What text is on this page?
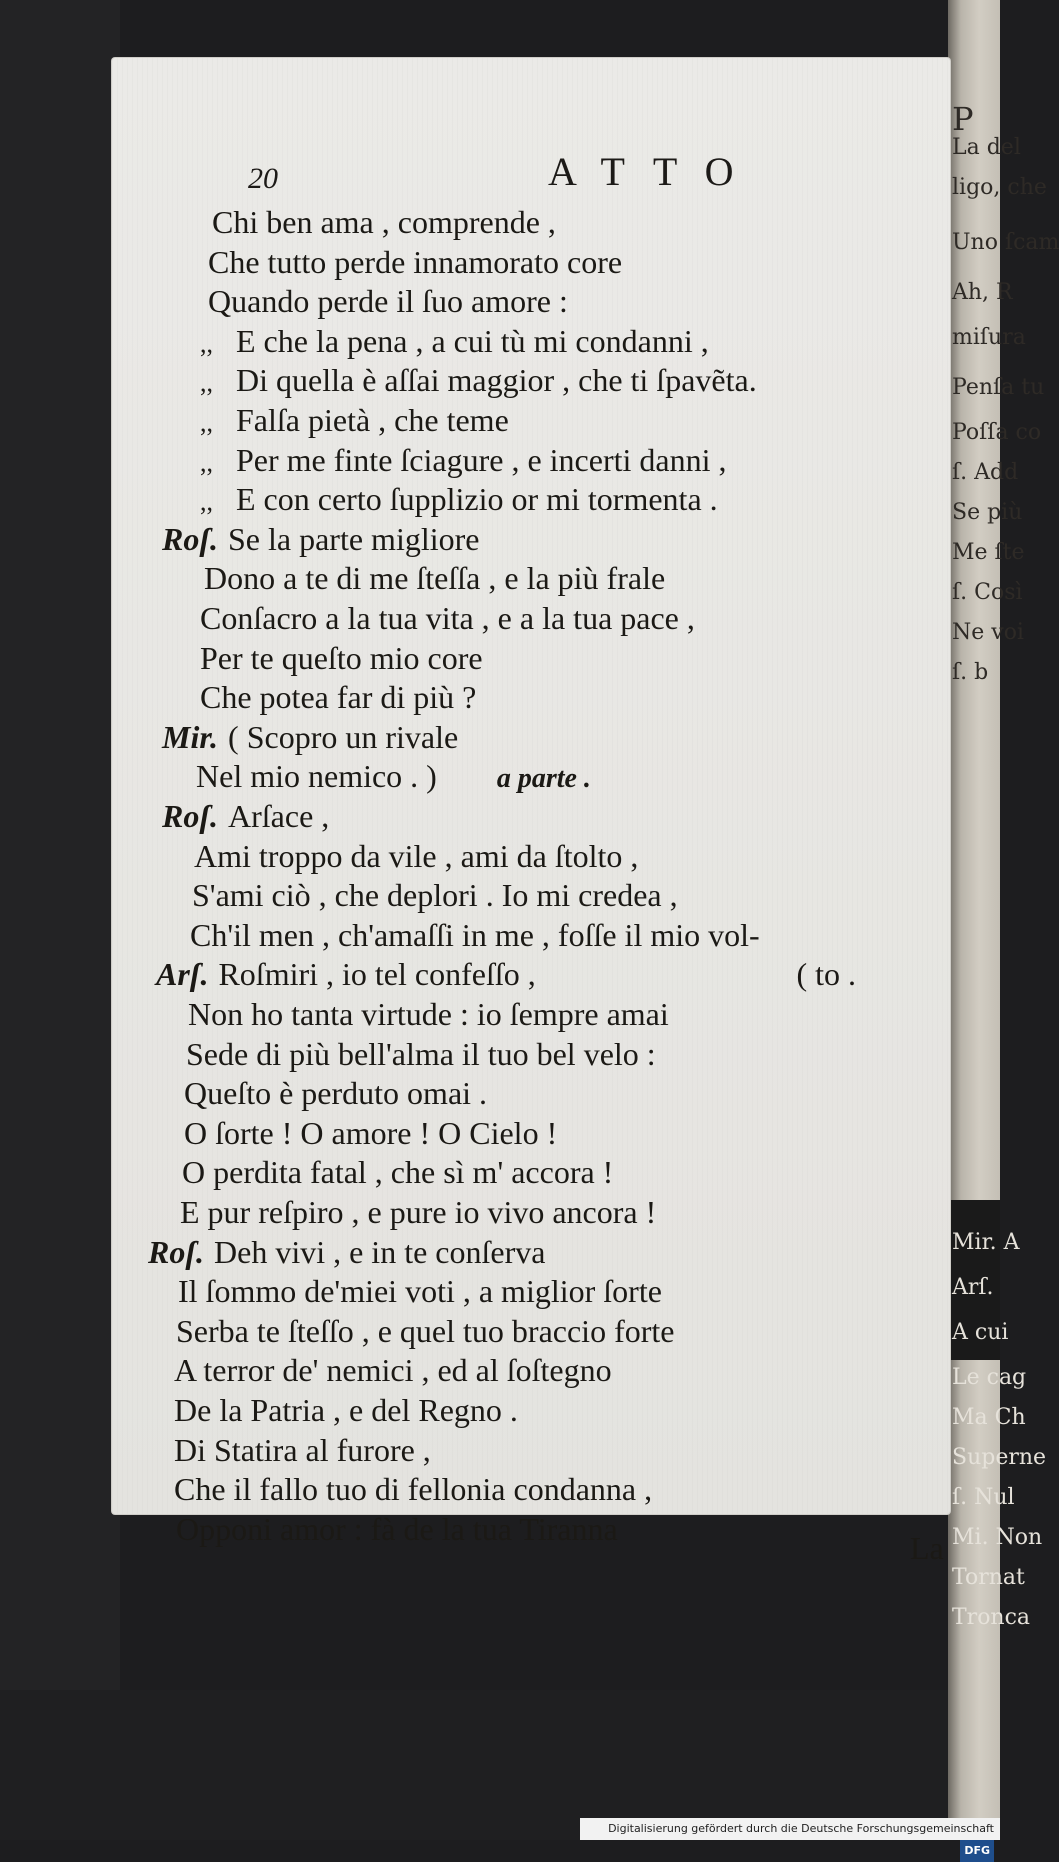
P
La del
ligo, che
Uno ſcam
Ah, R
miſura
Penſa tu
Poſſa co
ſ. Add
Se più
Me ſte
ſ. Così
Ne voi
ſ. b
Mir. A
Arſ.
A cui
Le cag
Ma Ch
Superne
ſ. Nul
Mi. Non
Tornat
Tronca
20	ATTO
Chi ben ama , comprende ,
Che tutto perde innamorato core
Quando perde il ſuo amore :
,, E che la pena , a cui tù mi condanni ,
,, Di quella è aſſai maggior , che ti ſpavẽta.
,, Falſa pietà , che teme
,, Per me finte ſciagure , e incerti danni ,
,, E con certo ſupplizio or mi tormenta .
Roſ. Se la parte migliore
Dono a te di me ſteſſa , e la più frale
Conſacro a la tua vita , e a la tua pace ,
Per te queſto mio core
Che potea far di più ?
Mir. ( Scopro un rivale
Nel mio nemico . ) a parte .
Roſ. Arſace ,
Ami troppo da vile , ami da ſtolto ,
S'ami ciò , che deplori . Io mi credea ,
Ch'il men , ch'amaſſi in me , foſſe il mio vol-
Arſ. Roſmiri , io tel confeſſo ,	( to .
Non ho tanta virtude : io ſempre amai
Sede di più bell'alma il tuo bel velo :
Queſto è perduto omai .
O ſorte ! O amore ! O Cielo !
O perdita fatal , che sì m' accora !
E pur reſpiro , e pure io vivo ancora !
Roſ. Deh vivi , e in te conſerva
Il ſommo de'miei voti , a miglior ſorte
Serba te ſteſſo , e quel tuo braccio forte
A terror de' nemici , ed al ſoſtegno
De la Patria , e del Regno .
Di Statira al furore ,
Che il fallo tuo di fellonia condanna ,
Opponi amor : fà de la tua Tiranna
La
Digitalisierung gefördert durch die Deutsche Forschungsgemeinschaft DFG
